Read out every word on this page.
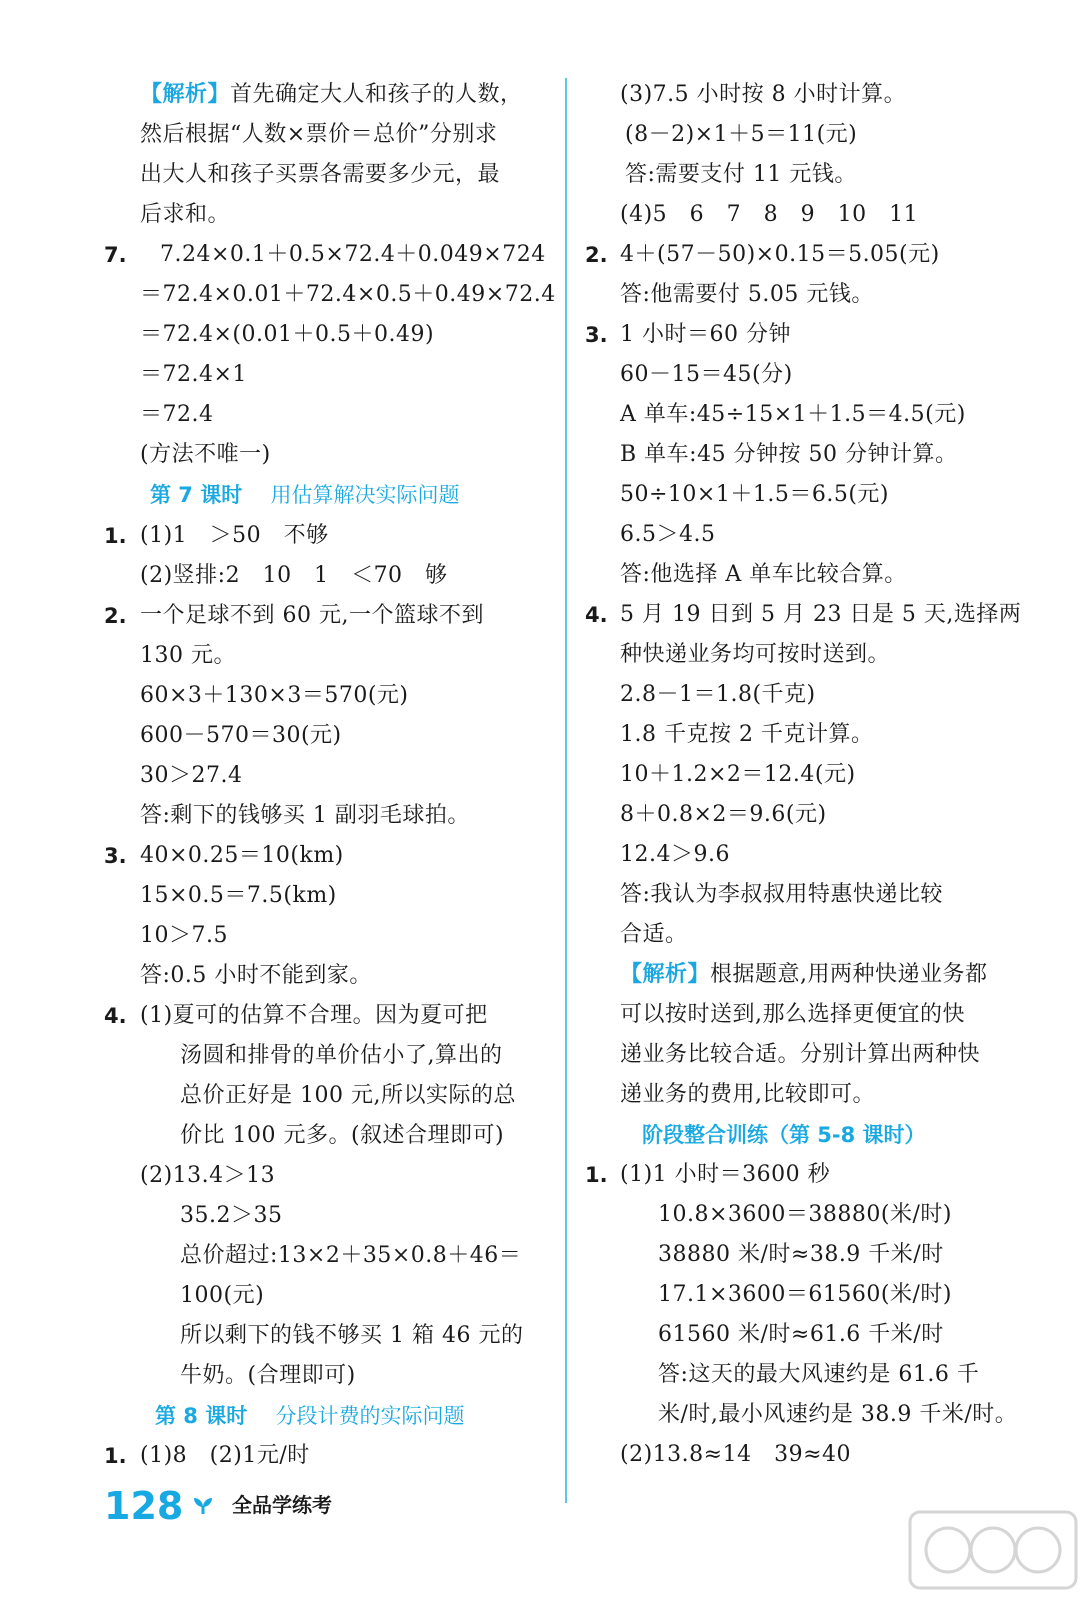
【解析】首先确定大人和孩子的人数，
然后根据“人数×票价＝总价”分别求
出大人和孩子买票各需要多少元，最
后求和。
7. 7.24×0.1＋0.5×72.4＋0.049×724
＝72.4×0.01＋72.4×0.5＋0.49×72.4
＝72.4×(0.01＋0.5＋0.49)
＝72.4×1
＝72.4
(方法不唯一)
第 7 课时　 用估算解决实际问题
1. (1)1　＞50　不够
(2)竖排:2　10　1　＜70　够
2. 一个足球不到 60 元,一个篮球不到
130 元。
60×3＋130×3＝570(元)
600－570＝30(元)
30＞27.4
答:剩下的钱够买 1 副羽毛球拍。
3. 40×0.25＝10(km)
15×0.5＝7.5(km)
10＞7.5
答:0.5 小时不能到家。
4. (1)夏可的估算不合理。因为夏可把
汤圆和排骨的单价估小了,算出的
总价正好是 100 元,所以实际的总
价比 100 元多。(叙述合理即可)
(2)13.4＞13
35.2＞35
总价超过:13×2＋35×0.8＋46＝
100(元)
所以剩下的钱不够买 1 箱 46 元的
牛奶。(合理即可)
第 8 课时　 分段计费的实际问题
1. (1)8　(2)1元/时
(3)7.5 小时按 8 小时计算。
(8－2)×1＋5＝11(元)
答:需要支付 11 元钱。
(4)5　6　7　8　9　10　11
2. 4＋(57－50)×0.15＝5.05(元)
答:他需要付 5.05 元钱。
3. 1 小时＝60 分钟
60－15＝45(分)
A 单车:45÷15×1＋1.5＝4.5(元)
B 单车:45 分钟按 50 分钟计算。
50÷10×1＋1.5＝6.5(元)
6.5＞4.5
答:他选择 A 单车比较合算。
4. 5 月 19 日到 5 月 23 日是 5 天,选择两
种快递业务均可按时送到。
2.8－1＝1.8(千克)
1.8 千克按 2 千克计算。
10＋1.2×2＝12.4(元)
8＋0.8×2＝9.6(元)
12.4＞9.6
答:我认为李叔叔用特惠快递比较
合适。
【解析】根据题意,用两种快递业务都
可以按时送到,那么选择更便宜的快
递业务比较合适。分别计算出两种快
递业务的费用,比较即可。
阶段整合训练（第 5-8 课时）
1. (1)1 小时＝3600 秒
10.8×3600＝38880(米/时)
38880 米/时≈38.9 千米/时
17.1×3600＝61560(米/时)
61560 米/时≈61.6 千米/时
答:这天的最大风速约是 61.6 千
米/时,最小风速约是 38.9 千米/时。
(2)13.8≈14　39≈40
128 全品学练考
